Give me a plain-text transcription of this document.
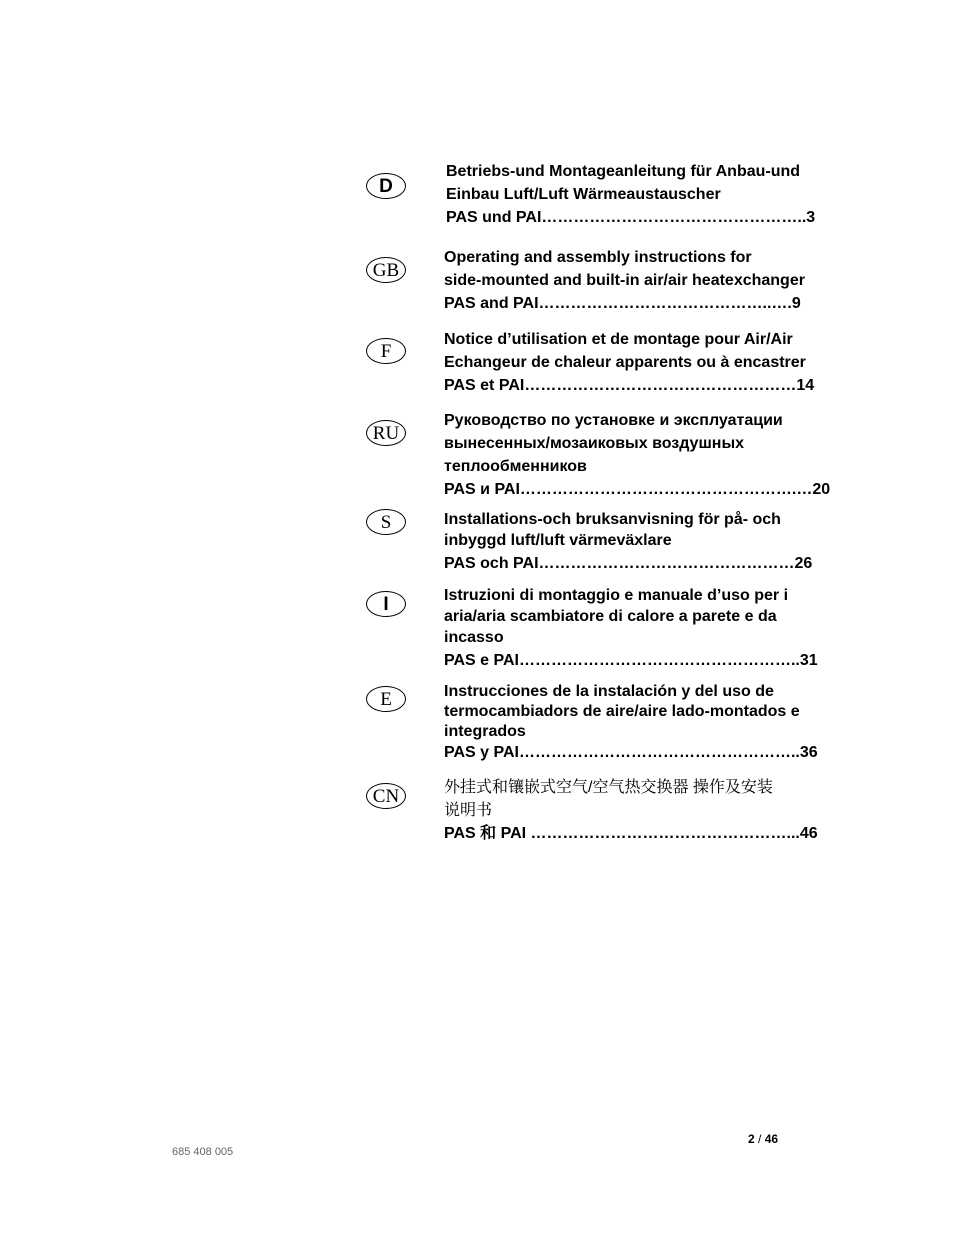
D
Betriebs-und Montageanleitung für Anbau-und
Einbau Luft/Luft Wärmeaustauscher
PAS und PAI…………………………………………..3
GB
Operating and assembly instructions for
side-mounted and built-in air/air heatexchanger
PAS and PAI……………………………………..….9
F
Notice d’utilisation et de montage pour Air/Air
Echangeur de chaleur apparents ou à encastrer
PAS et PAI……………………………………………14
RU
Руководство по установке и эксплуатации
вынесенных/мозаиковых воздушных
теплообменников
PAS и PAI…………………………………………….…20
S	Installations-och bruksanvisning för på- och
inbyggd luft/luft värmeväxlare
PAS och PAI…………………………………………26
I	Istruzioni di montaggio e manuale d’uso per i
aria/aria scambiatore di calore a parete e da
incasso
PAS e PAI……………………………………………..31
E	Instrucciones de la instalación y del uso de
termocambiadors de aire/aire lado-montados e
integrados
PAS y PAI……………………………………………..36
CN	外挂式和镶嵌式空气/空气热交换器 操作及安装
说明书
PAS 和 PAI …………………………………………...46
2 / 46
685 408 005
